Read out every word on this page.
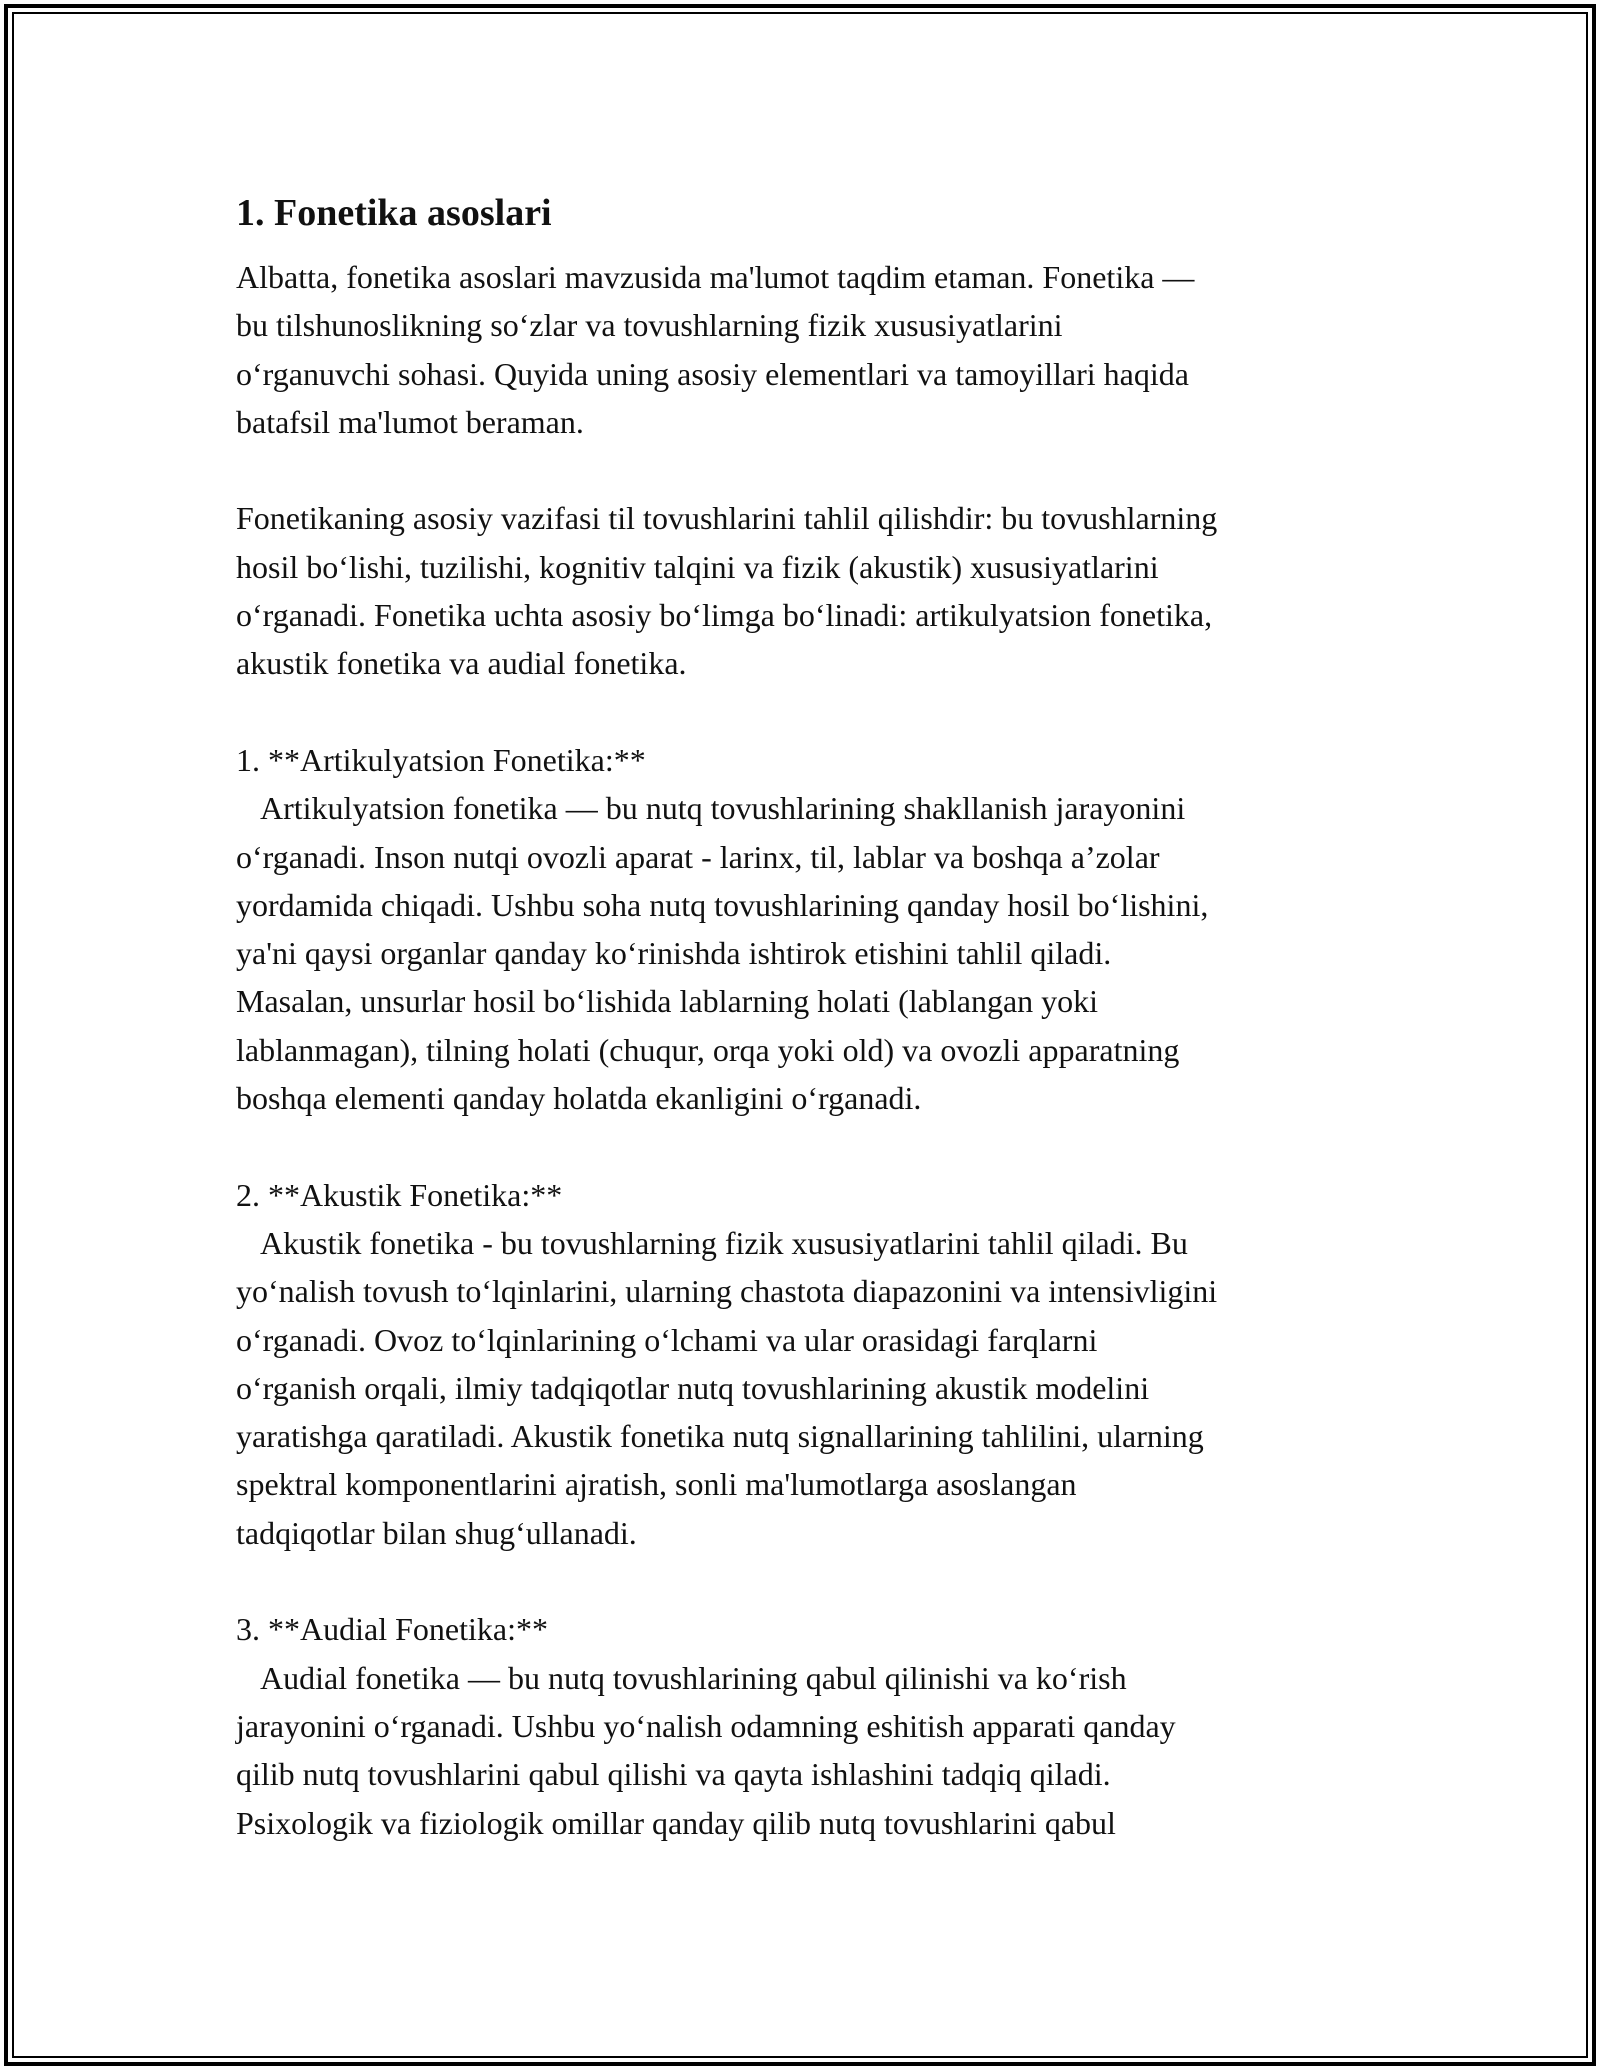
1. Fonetika asoslari

Albatta, fonetika asoslari mavzusida ma'lumot taqdim etaman. Fonetika —
bu tilshunoslikning so‘zlar va tovushlarning fizik xususiyatlarini
o‘rganuvchi sohasi. Quyida uning asosiy elementlari va tamoyillari haqida
batafsil ma'lumot beraman.

Fonetikaning asosiy vazifasi til tovushlarini tahlil qilishdir: bu tovushlarning
hosil bo‘lishi, tuzilishi, kognitiv talqini va fizik (akustik) xususiyatlarini
o‘rganadi. Fonetika uchta asosiy bo‘limga bo‘linadi: artikulyatsion fonetika,
akustik fonetika va audial fonetika.

1. **Artikulyatsion Fonetika:**

Artikulyatsion fonetika — bu nutq tovushlarining shakllanish jarayonini
o‘rganadi. Inson nutqi ovozli aparat - larinx, til, lablar va boshqa a’zolar
yordamida chiqadi. Ushbu soha nutq tovushlarining qanday hosil bo‘lishini,
ya'ni qaysi organlar qanday ko‘rinishda ishtirok etishini tahlil qiladi.
Masalan, unsurlar hosil bo‘lishida lablarning holati (lablangan yoki
lablanmagan), tilning holati (chuqur, orqa yoki old) va ovozli apparatning
boshqa elementi qanday holatda ekanligini o‘rganadi.

2. **Akustik Fonetika:**

Akustik fonetika - bu tovushlarning fizik xususiyatlarini tahlil qiladi. Bu
yo‘nalish tovush to‘lqinlarini, ularning chastota diapazonini va intensivligini
o‘rganadi. Ovoz to‘lqinlarining o‘lchami va ular orasidagi farqlarni
o‘rganish orqali, ilmiy tadqiqotlar nutq tovushlarining akustik modelini
yaratishga qaratiladi. Akustik fonetika nutq signallarining tahlilini, ularning
spektral komponentlarini ajratish, sonli ma'lumotlarga asoslangan
tadqiqotlar bilan shug‘ullanadi.

3. **Audial Fonetika:**

Audial fonetika — bu nutq tovushlarining qabul qilinishi va ko‘rish
jarayonini o‘rganadi. Ushbu yo‘nalish odamning eshitish apparati qanday
qilib nutq tovushlarini qabul qilishi va qayta ishlashini tadqiq qiladi.
Psixologik va fiziologik omillar qanday qilib nutq tovushlarini qabul
